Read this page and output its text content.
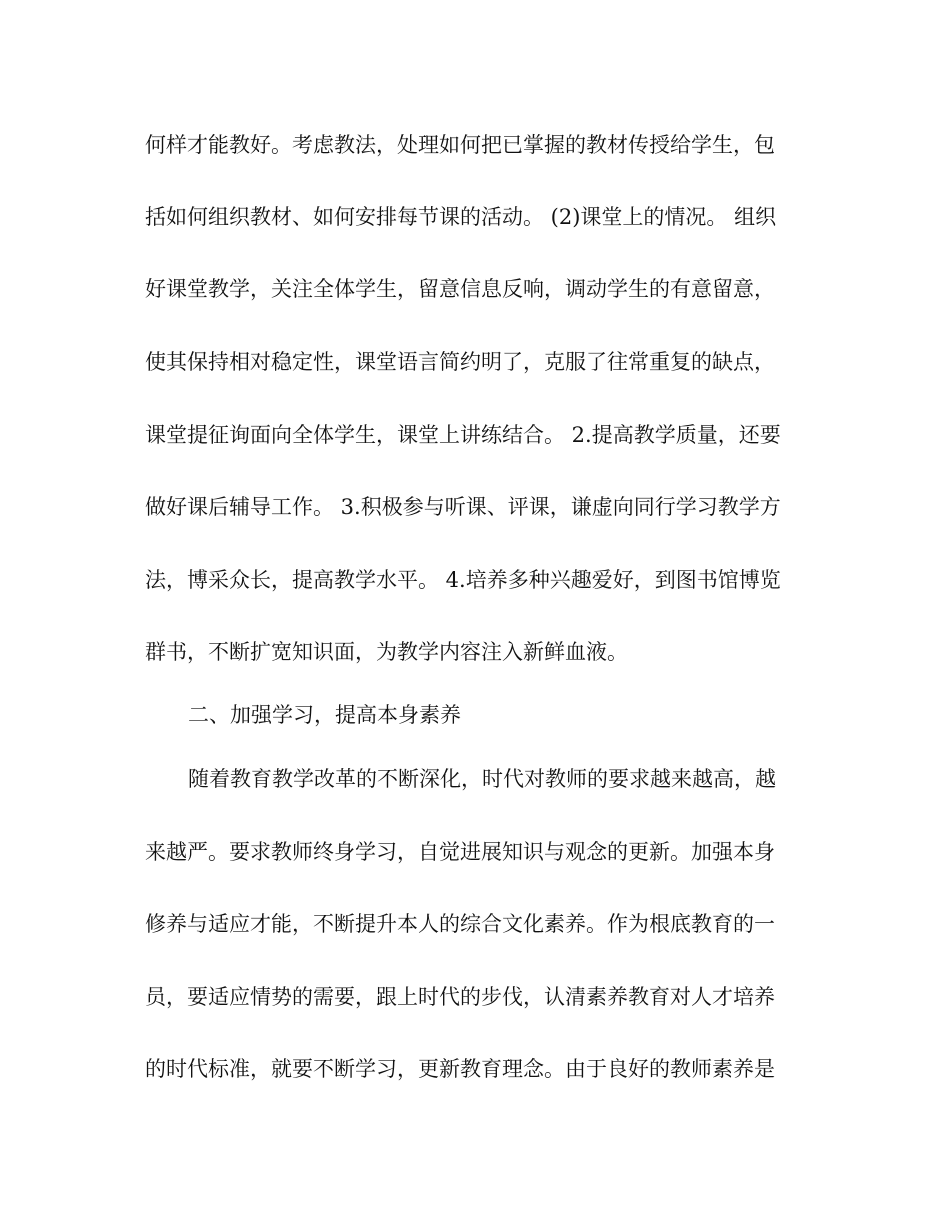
何样才能教好。考虑教法，处理如何把已掌握的教材传授给学生，包
括如何组织教材、如何安排每节课的活动。 (2)课堂上的情况。 组织
好课堂教学，关注全体学生，留意信息反响，调动学生的有意留意，
使其保持相对稳定性，课堂语言简约明了，克服了往常重复的缺点，
课堂提征询面向全体学生，课堂上讲练结合。 2.提高教学质量，还要
做好课后辅导工作。 3.积极参与听课、评课，谦虚向同行学习教学方
法，博采众长，提高教学水平。 4.培养多种兴趣爱好，到图书馆博览
群书，不断扩宽知识面，为教学内容注入新鲜血液。
二、加强学习，提高本身素养
随着教育教学改革的不断深化，时代对教师的要求越来越高，越
来越严。要求教师终身学习，自觉进展知识与观念的更新。加强本身
修养与适应才能，不断提升本人的综合文化素养。作为根底教育的一
员，要适应情势的需要，跟上时代的步伐，认清素养教育对人才培养
的时代标准，就要不断学习，更新教育理念。由于良好的教师素养是
